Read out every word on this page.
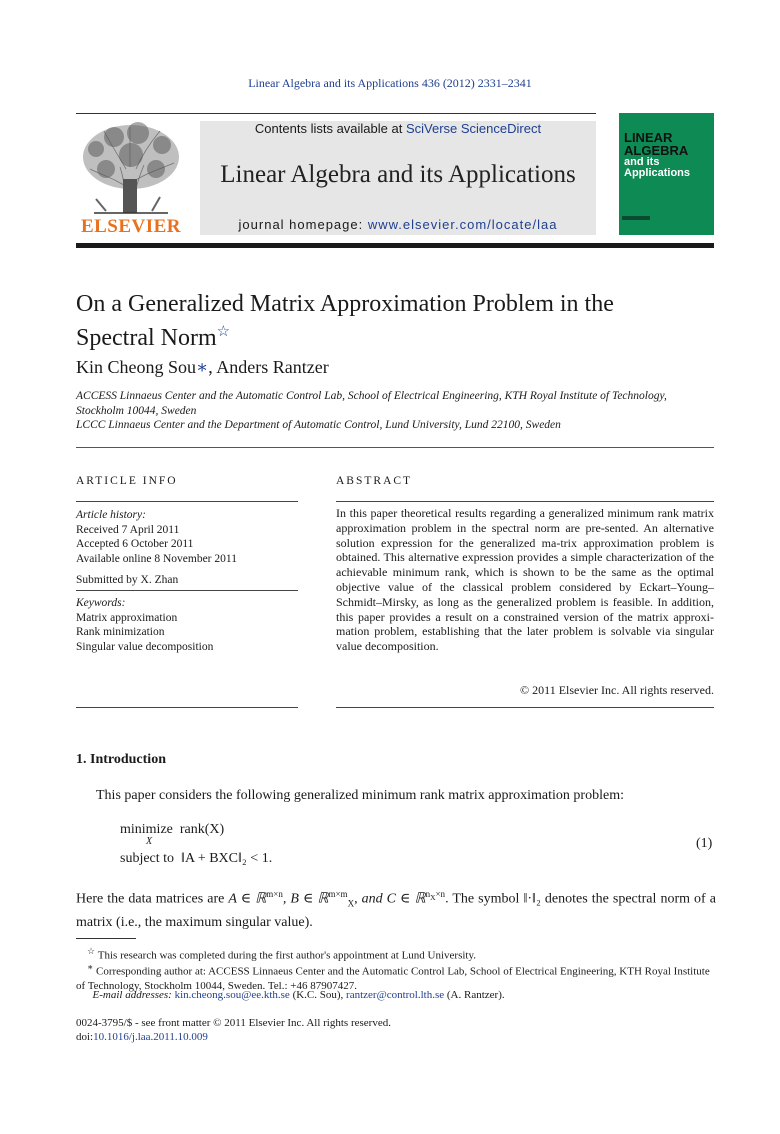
Linear Algebra and its Applications 436 (2012) 2331–2341
ELSEVIER
Contents lists available at SciVerse ScienceDirect
Linear Algebra and its Applications
journal homepage: www.elsevier.com/locate/laa
LINEAR
ALGEBRA
and its
Applications
On a Generalized Matrix Approximation Problem in the
Spectral Norm☆
Kin Cheong Sou∗, Anders Rantzer
ACCESS Linnaeus Center and the Automatic Control Lab, School of Electrical Engineering, KTH Royal Institute of Technology,
Stockholm 10044, Sweden
LCCC Linnaeus Center and the Department of Automatic Control, Lund University, Lund 22100, Sweden
ARTICLE INFO	ABSTRACT
Article history:
Received 7 April 2011
Accepted 6 October 2011
Available online 8 November 2011
Submitted by X. Zhan
Keywords:
Matrix approximation
Rank minimization
Singular value decomposition
In this paper theoretical results regarding a generalized minimum rank matrix approximation problem in the spectral norm are pre-sented. An alternative solution expression for the generalized ma-trix approximation problem is obtained. This alternative expression provides a simple characterization of the achievable minimum rank, which is shown to be the same as the optimal objective value of the classical problem considered by Eckart–Young–Schmidt–Mirsky, as long as the generalized problem is feasible. In addition, this paper provides a result on a constrained version of the matrix approxi-mation problem, establishing that the later problem is solvable via singular value decomposition.
© 2011 Elsevier Inc. All rights reserved.
1. Introduction
This paper considers the following generalized minimum rank matrix approximation problem:
minimize rank(X)
X
subject to ‖A + BXC‖₂ < 1.
(1)
Here the data matrices are A ∈ ℝ$^{m\times n}$, B ∈ ℝ$^{m\times m}_X$, and C ∈ ℝ$^{n_X\times n}$. The symbol ‖·‖₂ denotes the spectral norm of a matrix (i.e., the maximum singular value).
☆ This research was completed during the first author's appointment at Lund University.
∗ Corresponding author at: ACCESS Linnaeus Center and the Automatic Control Lab, School of Electrical Engineering, KTH Royal Institute of Technology, Stockholm 10044, Sweden. Tel.: +46 87907427.
E-mail addresses: kin.cheong.sou@ee.kth.se (K.C. Sou), rantzer@control.lth.se (A. Rantzer).
0024-3795/$ - see front matter © 2011 Elsevier Inc. All rights reserved.
doi:10.1016/j.laa.2011.10.009
